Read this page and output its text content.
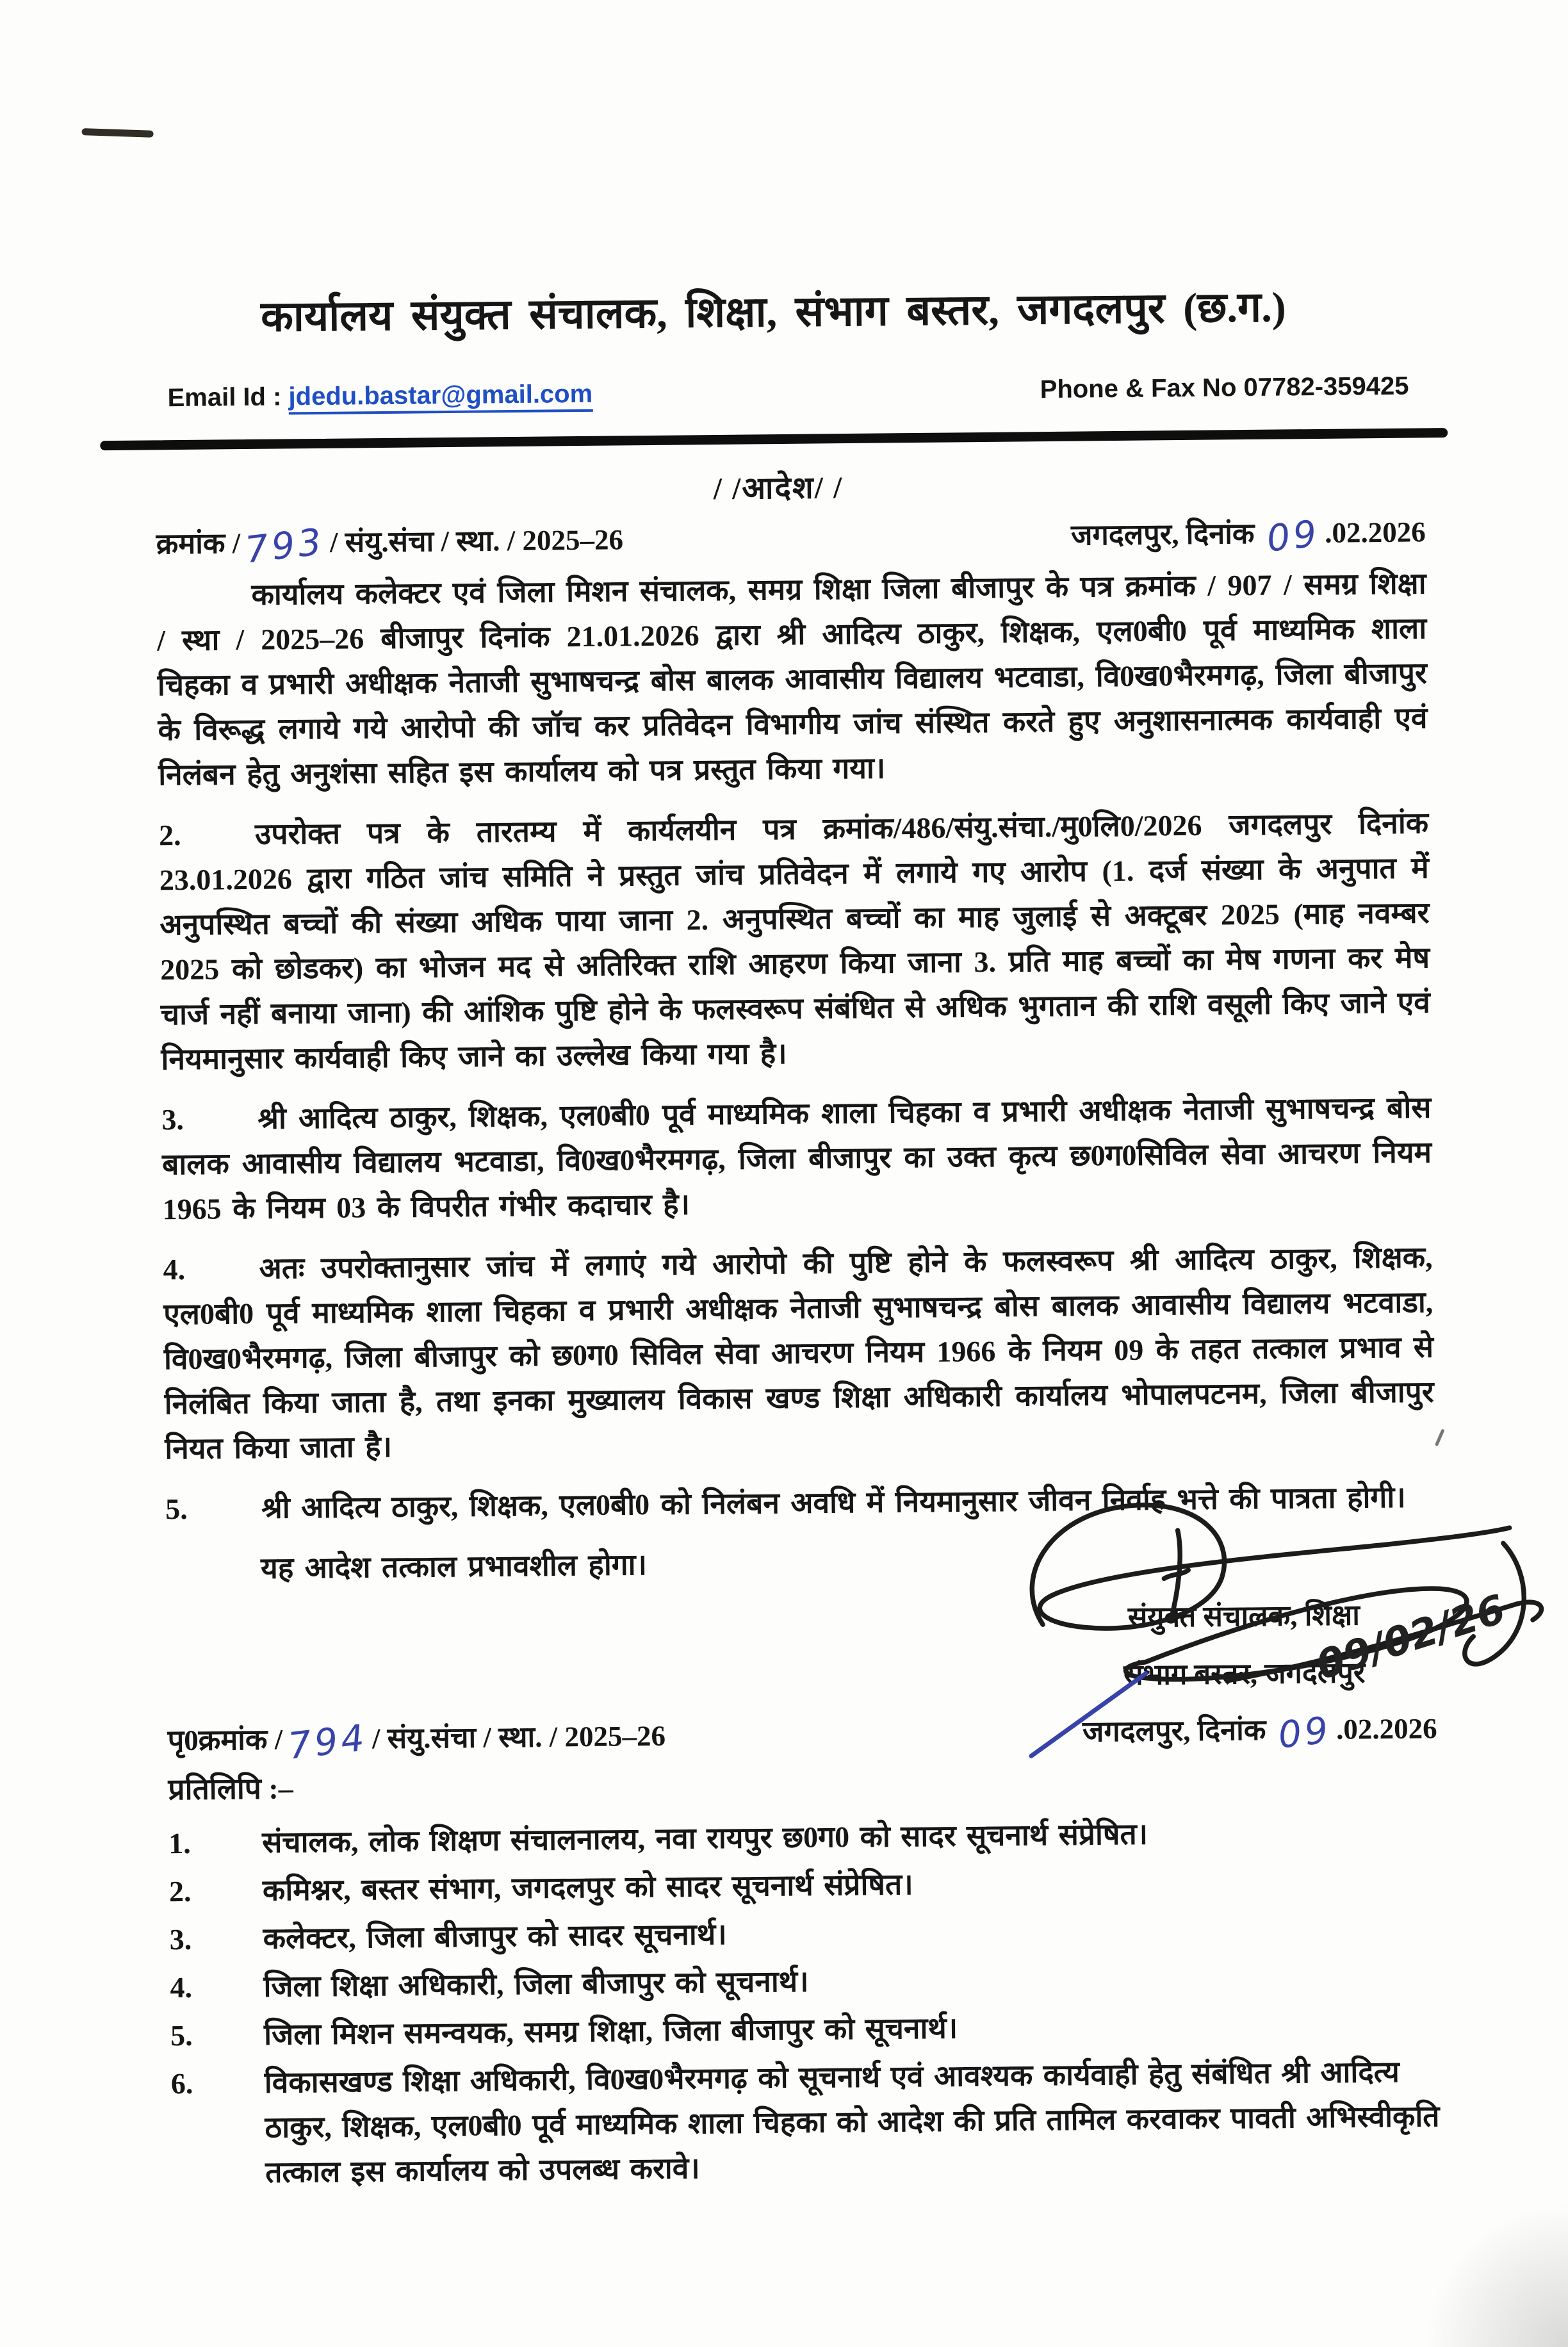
कार्यालय संयुक्त संचालक, शिक्षा, संभाग बस्तर, जगदलपुर (छ.ग.)
Email Id : jdedu.bastar@gmail.com	Phone & Fax No 07782-359425
/ /आदेश/ /
क्रमांक /793/ संयु.संचा / स्था. / 2025–26	जगदलपुर, दिनांक 09.02.2026

कार्यालय कलेक्टर एवं जिला मिशन संचालक, समग्र शिक्षा जिला बीजापुर के पत्र क्रमांक / 907 / समग्र शिक्षा / स्था / 2025–26 बीजापुर दिनांक 21.01.2026 द्वारा श्री आदित्य ठाकुर, शिक्षक, एल0बी0 पूर्व माध्यमिक शाला चिहका व प्रभारी अधीक्षक नेताजी सुभाषचन्द्र बोस बालक आवासीय विद्यालय भटवाडा, वि0ख0भैरमगढ़, जिला बीजापुर के विरूद्ध लगाये गये आरोपो की जॉच कर प्रतिवेदन विभागीय जांच संस्थित करते हुए अनुशासनात्मक कार्यवाही एवं निलंबन हेतु अनुशंसा सहित इस कार्यालय को पत्र प्रस्तुत किया गया।

2.	उपरोक्त पत्र के तारतम्य में कार्यलयीन पत्र क्रमांक/486/संयु.संचा./मु0लि0/2026 जगदलपुर दिनांक 23.01.2026 द्वारा गठित जांच समिति ने प्रस्तुत जांच प्रतिवेदन में लगाये गए आरोप (1. दर्ज संख्या के अनुपात में अनुपस्थित बच्चों की संख्या अधिक पाया जाना 2. अनुपस्थित बच्चों का माह जुलाई से अक्टूबर 2025 (माह नवम्बर 2025 को छोडकर) का भोजन मद से अतिरिक्त राशि आहरण किया जाना 3. प्रति माह बच्चों का मेष गणना कर मेष चार्ज नहीं बनाया जाना) की आंशिक पुष्टि होने के फलस्वरूप संबंधित से अधिक भुगतान की राशि वसूली किए जाने एवं नियमानुसार कार्यवाही किए जाने का उल्लेख किया गया है।

3.	श्री आदित्य ठाकुर, शिक्षक, एल0बी0 पूर्व माध्यमिक शाला चिहका व प्रभारी अधीक्षक नेताजी सुभाषचन्द्र बोस बालक आवासीय विद्यालय भटवाडा, वि0ख0भैरमगढ़, जिला बीजापुर का उक्त कृत्य छ0ग0सिविल सेवा आचरण नियम 1965 के नियम 03 के विपरीत गंभीर कदाचार है।

4.	अतः उपरोक्तानुसार जांच में लगाएं गये आरोपो की पुष्टि होने के फलस्वरूप श्री आदित्य ठाकुर, शिक्षक, एल0बी0 पूर्व माध्यमिक शाला चिहका व प्रभारी अधीक्षक नेताजी सुभाषचन्द्र बोस बालक आवासीय विद्यालय भटवाडा, वि0ख0भैरमगढ़, जिला बीजापुर को छ0ग0 सिविल सेवा आचरण नियम 1966 के नियम 09 के तहत तत्काल प्रभाव से निलंबित किया जाता है, तथा इनका मुख्यालय विकास खण्ड शिक्षा अधिकारी कार्यालय भोपालपटनम, जिला बीजापुर नियत किया जाता है।

5.	श्री आदित्य ठाकुर, शिक्षक, एल0बी0 को निलंबन अवधि में नियमानुसार जीवन निर्वाह भत्ते की पात्रता होगी।

यह आदेश तत्काल प्रभावशील होगा।

09/02/26
संयुक्त संचालक, शिक्षा
संभाग बस्तर, जगदलपुर
पृ0क्रमांक /794/ संयु.संचा / स्था. / 2025–26	जगदलपुर, दिनांक 09.02.2026
प्रतिलिपि :–
1.	संचालक, लोक शिक्षण संचालनालय, नवा रायपुर छ0ग0 को सादर सूचनार्थ संप्रेषित।
2.	कमिश्नर, बस्तर संभाग, जगदलपुर को सादर सूचनार्थ संप्रेषित।
3.	कलेक्टर, जिला बीजापुर को सादर सूचनार्थ।
4.	जिला शिक्षा अधिकारी, जिला बीजापुर को सूचनार्थ।
5.	जिला मिशन समन्वयक, समग्र शिक्षा, जिला बीजापुर को सूचनार्थ।
6.	विकासखण्ड शिक्षा अधिकारी, वि0ख0भैरमगढ़ को सूचनार्थ एवं आवश्यक कार्यवाही हेतु संबंधित श्री आदित्य ठाकुर, शिक्षक, एल0बी0 पूर्व माध्यमिक शाला चिहका को आदेश की प्रति तामिल करवाकर पावती अभिस्वीकृति तत्काल इस कार्यालय को उपलब्ध करावे।
